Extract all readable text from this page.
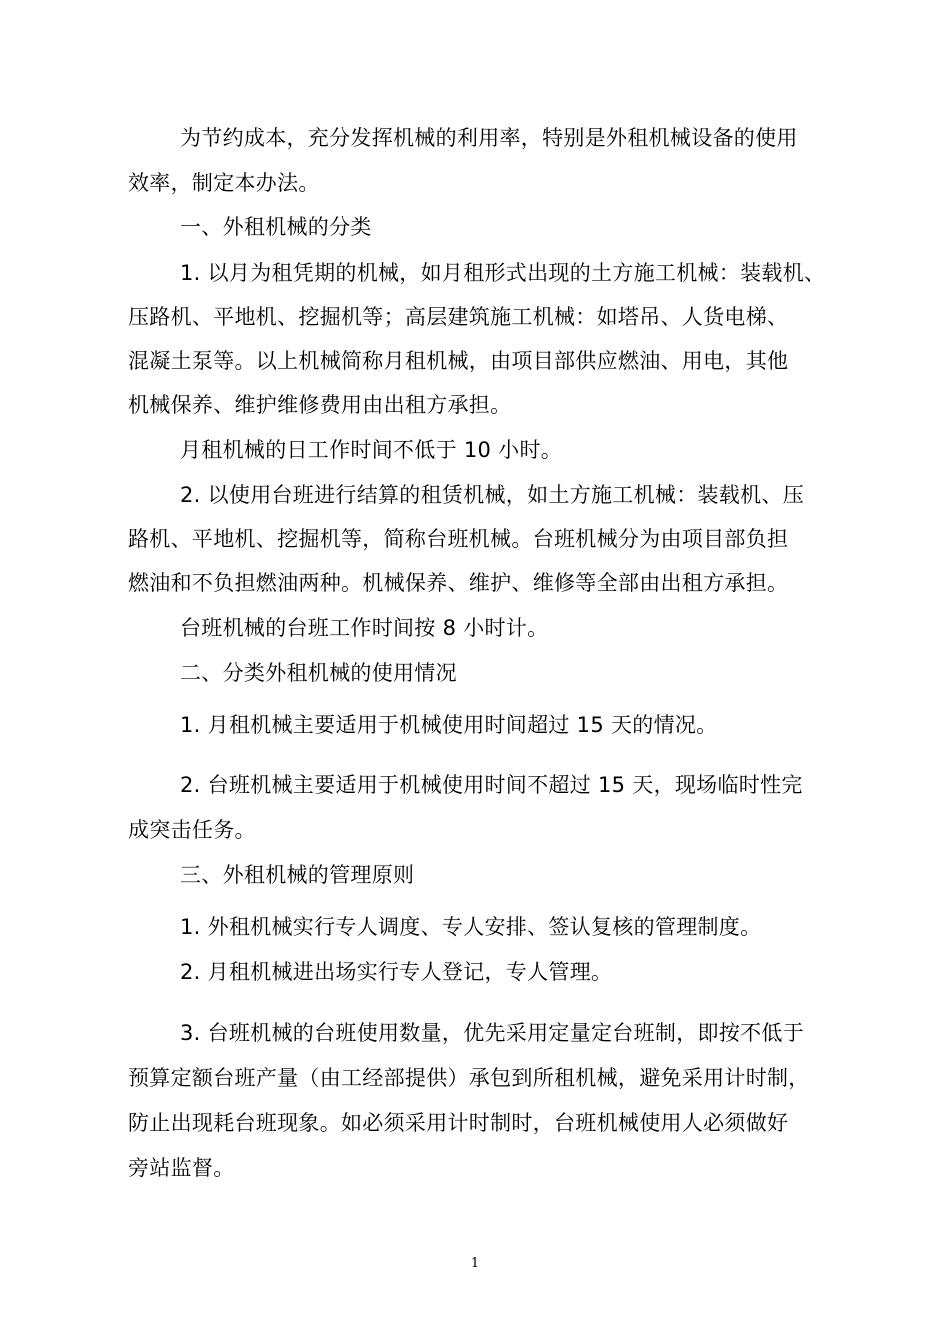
为节约成本，充分发挥机械的利用率，特别是外租机械设备的使用
效率，制定本办法。
一、外租机械的分类
1. 以月为租凭期的机械，如月租形式出现的土方施工机械：装载机、
压路机、平地机、挖掘机等；高层建筑施工机械：如塔吊、人货电梯、
混凝土泵等。以上机械简称月租机械，由项目部供应燃油、用电，其他
机械保养、维护维修费用由出租方承担。
月租机械的日工作时间不低于 10 小时。
2. 以使用台班进行结算的租赁机械，如土方施工机械：装载机、压
路机、平地机、挖掘机等，简称台班机械。台班机械分为由项目部负担
燃油和不负担燃油两种。机械保养、维护、维修等全部由出租方承担。
台班机械的台班工作时间按 8 小时计。
二、分类外租机械的使用情况
1. 月租机械主要适用于机械使用时间超过 15 天的情况。
2. 台班机械主要适用于机械使用时间不超过 15 天，现场临时性完
成突击任务。
三、外租机械的管理原则
1. 外租机械实行专人调度、专人安排、签认复核的管理制度。
2. 月租机械进出场实行专人登记，专人管理。
3. 台班机械的台班使用数量，优先采用定量定台班制，即按不低于
预算定额台班产量（由工经部提供）承包到所租机械，避免采用计时制，
防止出现耗台班现象。如必须采用计时制时，台班机械使用人必须做好
旁站监督。
1
